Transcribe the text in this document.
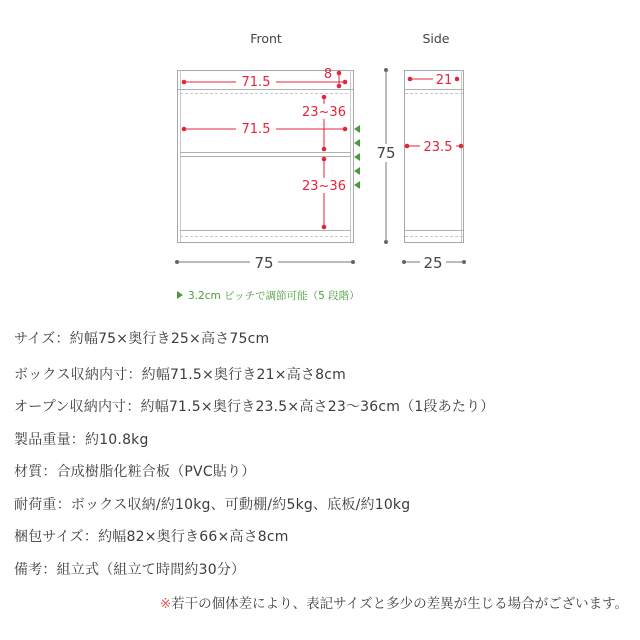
Front	Side
71.5
8
71.5
23~36
23~36
75
75
21
23.5
25
3.2cm ピッチで調節可能（5 段階）
サイズ：約幅75×奥行き25×高さ75cm
ボックス収納内寸：約幅71.5×奥行き21×高さ8cm
オープン収納内寸：約幅71.5×奥行き23.5×高さ23〜36cm（1段あたり）
製品重量：約10.8kg
材質：合成樹脂化粧合板（PVC貼り）
耐荷重：ボックス収納/約10kg、可動棚/約5kg、底板/約10kg
梱包サイズ：約幅82×奥行き66×高さ8cm
備考：組立式（組立て時間約30分）
※若干の個体差により、表記サイズと多少の差異が生じる場合がございます。
